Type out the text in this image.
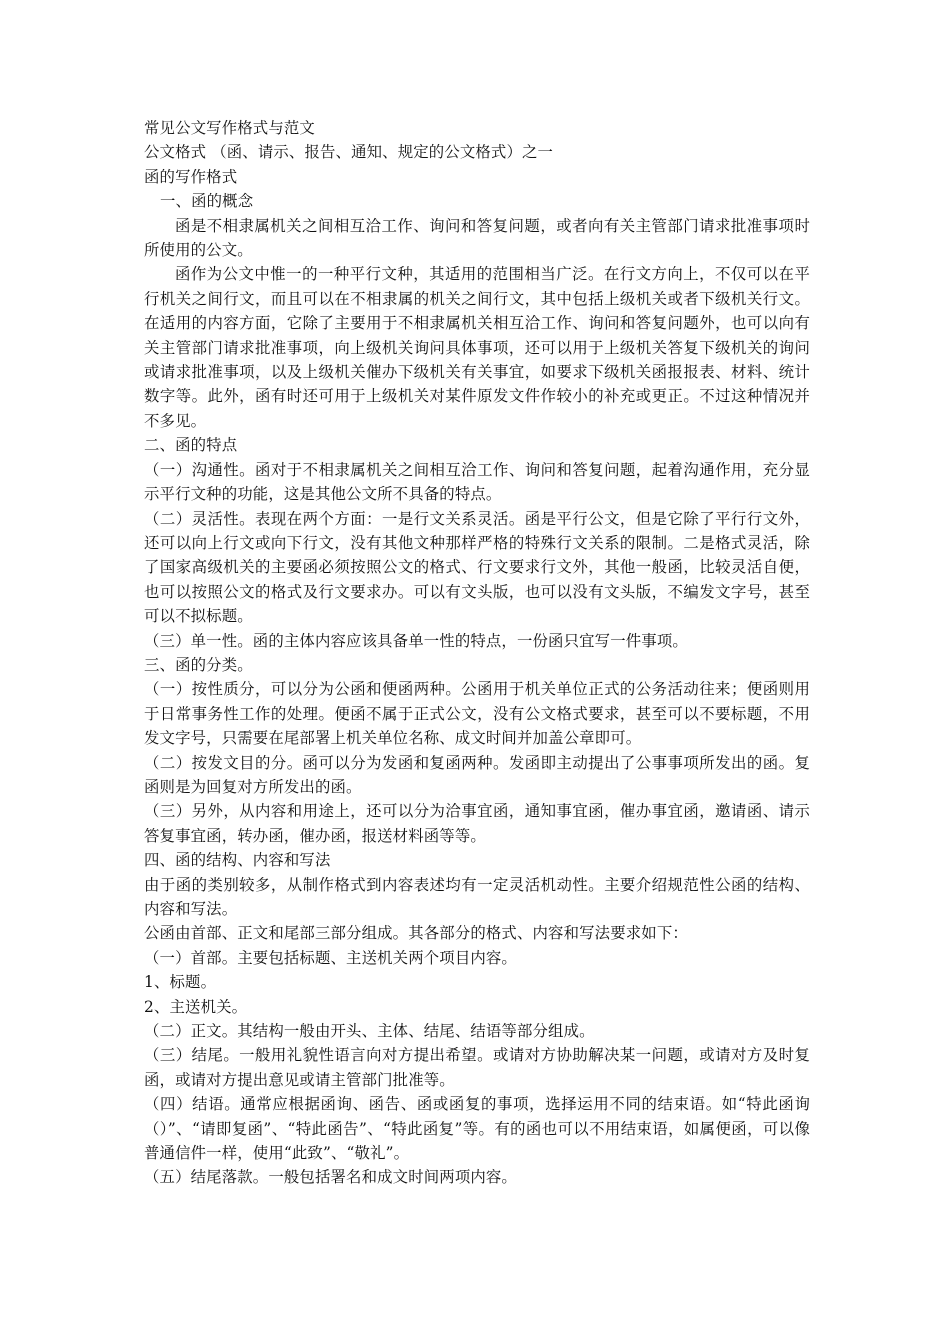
常见公文写作格式与范文

公文格式 （函、请示、报告、通知、规定的公文格式）之一

函的写作格式

一、函的概念

函是不相隶属机关之间相互洽工作、询问和答复问题，或者向有关主管部门请求批准事项时所使用的公文。

函作为公文中惟一的一种平行文种，其适用的范围相当广泛。在行文方向上，不仅可以在平行机关之间行文，而且可以在不相隶属的机关之间行文，其中包括上级机关或者下级机关行文。在适用的内容方面，它除了主要用于不相隶属机关相互洽工作、询问和答复问题外，也可以向有关主管部门请求批准事项，向上级机关询问具体事项，还可以用于上级机关答复下级机关的询问或请求批准事项，以及上级机关催办下级机关有关事宜，如要求下级机关函报报表、材料、统计数字等。此外，函有时还可用于上级机关对某件原发文件作较小的补充或更正。不过这种情况并不多见。

二、函的特点

（一）沟通性。函对于不相隶属机关之间相互洽工作、询问和答复问题，起着沟通作用，充分显示平行文种的功能，这是其他公文所不具备的特点。

（二）灵活性。表现在两个方面：一是行文关系灵活。函是平行公文，但是它除了平行行文外，还可以向上行文或向下行文，没有其他文种那样严格的特殊行文关系的限制。二是格式灵活，除了国家高级机关的主要函必须按照公文的格式、行文要求行文外，其他一般函，比较灵活自便，也可以按照公文的格式及行文要求办。可以有文头版，也可以没有文头版，不编发文字号，甚至可以不拟标题。

（三）单一性。函的主体内容应该具备单一性的特点，一份函只宜写一件事项。

三、函的分类。

（一）按性质分，可以分为公函和便函两种。公函用于机关单位正式的公务活动往来；便函则用于日常事务性工作的处理。便函不属于正式公文，没有公文格式要求，甚至可以不要标题，不用发文字号，只需要在尾部署上机关单位名称、成文时间并加盖公章即可。

（二）按发文目的分。函可以分为发函和复函两种。发函即主动提出了公事事项所发出的函。复函则是为回复对方所发出的函。

（三）另外，从内容和用途上，还可以分为洽事宜函，通知事宜函，催办事宜函，邀请函、请示答复事宜函，转办函，催办函，报送材料函等等。

四、函的结构、内容和写法

由于函的类别较多，从制作格式到内容表述均有一定灵活机动性。主要介绍规范性公函的结构、内容和写法。

公函由首部、正文和尾部三部分组成。其各部分的格式、内容和写法要求如下：

（一）首部。主要包括标题、主送机关两个项目内容。

1、标题。

2、主送机关。

（二）正文。其结构一般由开头、主体、结尾、结语等部分组成。

（三）结尾。一般用礼貌性语言向对方提出希望。或请对方协助解决某一问题，或请对方及时复函，或请对方提出意见或请主管部门批准等。

（四）结语。通常应根据函询、函告、函或函复的事项，选择运用不同的结束语。如“特此函询（）”、“请即复函”、“特此函告”、“特此函复”等。有的函也可以不用结束语，如属便函，可以像普通信件一样，使用“此致”、“敬礼”。

（五）结尾落款。一般包括署名和成文时间两项内容。
